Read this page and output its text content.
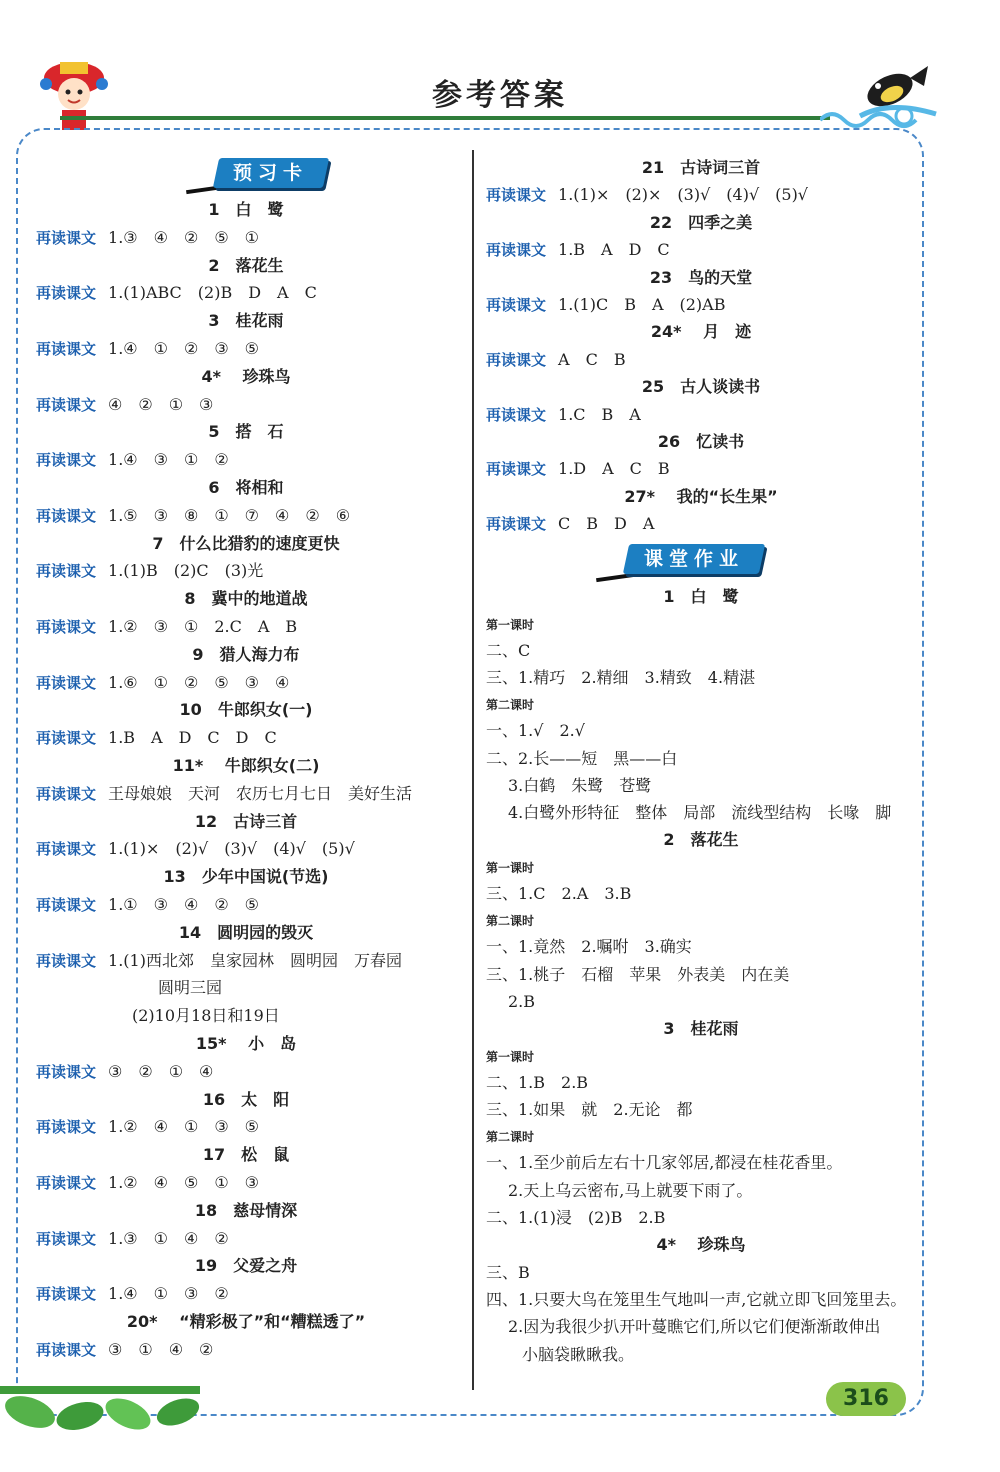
参考答案
预习卡
1　白　鹭
再读课文 1.③　④　②　⑤　①
2　落花生
再读课文 1.(1)ABC　(2)B　D　A　C
3　桂花雨
再读课文 1.④　①　②　③　⑤
4* 　珍珠鸟
再读课文 ④　②　①　③
5　搭　石
再读课文 1.④　③　①　②
6　将相和
再读课文 1.⑤　③　⑧　①　⑦　④　②　⑥
7　什么比猎豹的速度更快
再读课文 1.(1)B　(2)C　(3)光
8　冀中的地道战
再读课文 1.②　③　①　2.C　A　B
9　猎人海力布
再读课文 1.⑥　①　②　⑤　③　④
10　牛郎织女(一)
再读课文 1.B　A　D　C　D　C
11* 　牛郎织女(二)
再读课文 王母娘娘　天河　农历七月七日　美好生活
12　古诗三首
再读课文 1.(1)×　(2)√　(3)√　(4)√　(5)√
13　少年中国说(节选)
再读课文 1.①　③　④　②　⑤
14　圆明园的毁灭
再读课文 1.(1)西北郊　皇家园林　圆明园　万春园
圆明三园
(2)10月18日和19日
15* 　小　岛
再读课文 ③　②　①　④
16　太　阳
再读课文 1.②　④　①　③　⑤
17　松　鼠
再读课文 1.②　④　⑤　①　③
18　慈母情深
再读课文 1.③　①　④　②
19　父爱之舟
再读课文 1.④　①　③　②
20* 　“精彩极了”和“糟糕透了”
再读课文 ③　①　④　②
课堂作业
21　古诗词三首
再读课文 1.(1)×　(2)×　(3)√　(4)√　(5)√
22　四季之美
再读课文 1.B　A　D　C
23　鸟的天堂
再读课文 1.(1)C　B　A　(2)AB
24* 　月　迹
再读课文 A　C　B
25　古人谈读书
再读课文 1.C　B　A
26　忆读书
再读课文 1.D　A　C　B
27* 　我的“长生果”
再读课文 C　B　D　A
1　白　鹭
第一课时
二、C
三、1.精巧　2.精细　3.精致　4.精湛
第二课时
一、1.√　2.√
二、2.长——短　黑——白
3.白鹤　朱鹭　苍鹭
4.白鹭外形特征　整体　局部　流线型结构　长喙　脚
2　落花生
第一课时
三、1.C　2.A　3.B
第二课时
一、1.竟然　2.嘱咐　3.确实
三、1.桃子　石榴　苹果　外表美　内在美
2.B
3　桂花雨
第一课时
二、1.B　2.B
三、1.如果　就　2.无论　都
第二课时
一、1.至少前后左右十几家邻居,都浸在桂花香里。
2.天上乌云密布,马上就要下雨了。
二、1.(1)浸　(2)B　2.B
4* 　珍珠鸟
三、B
四、1.只要大鸟在笼里生气地叫一声,它就立即飞回笼里去。
2.因为我很少扒开叶蔓瞧它们,所以它们便渐渐敢伸出
小脑袋瞅瞅我。
316
